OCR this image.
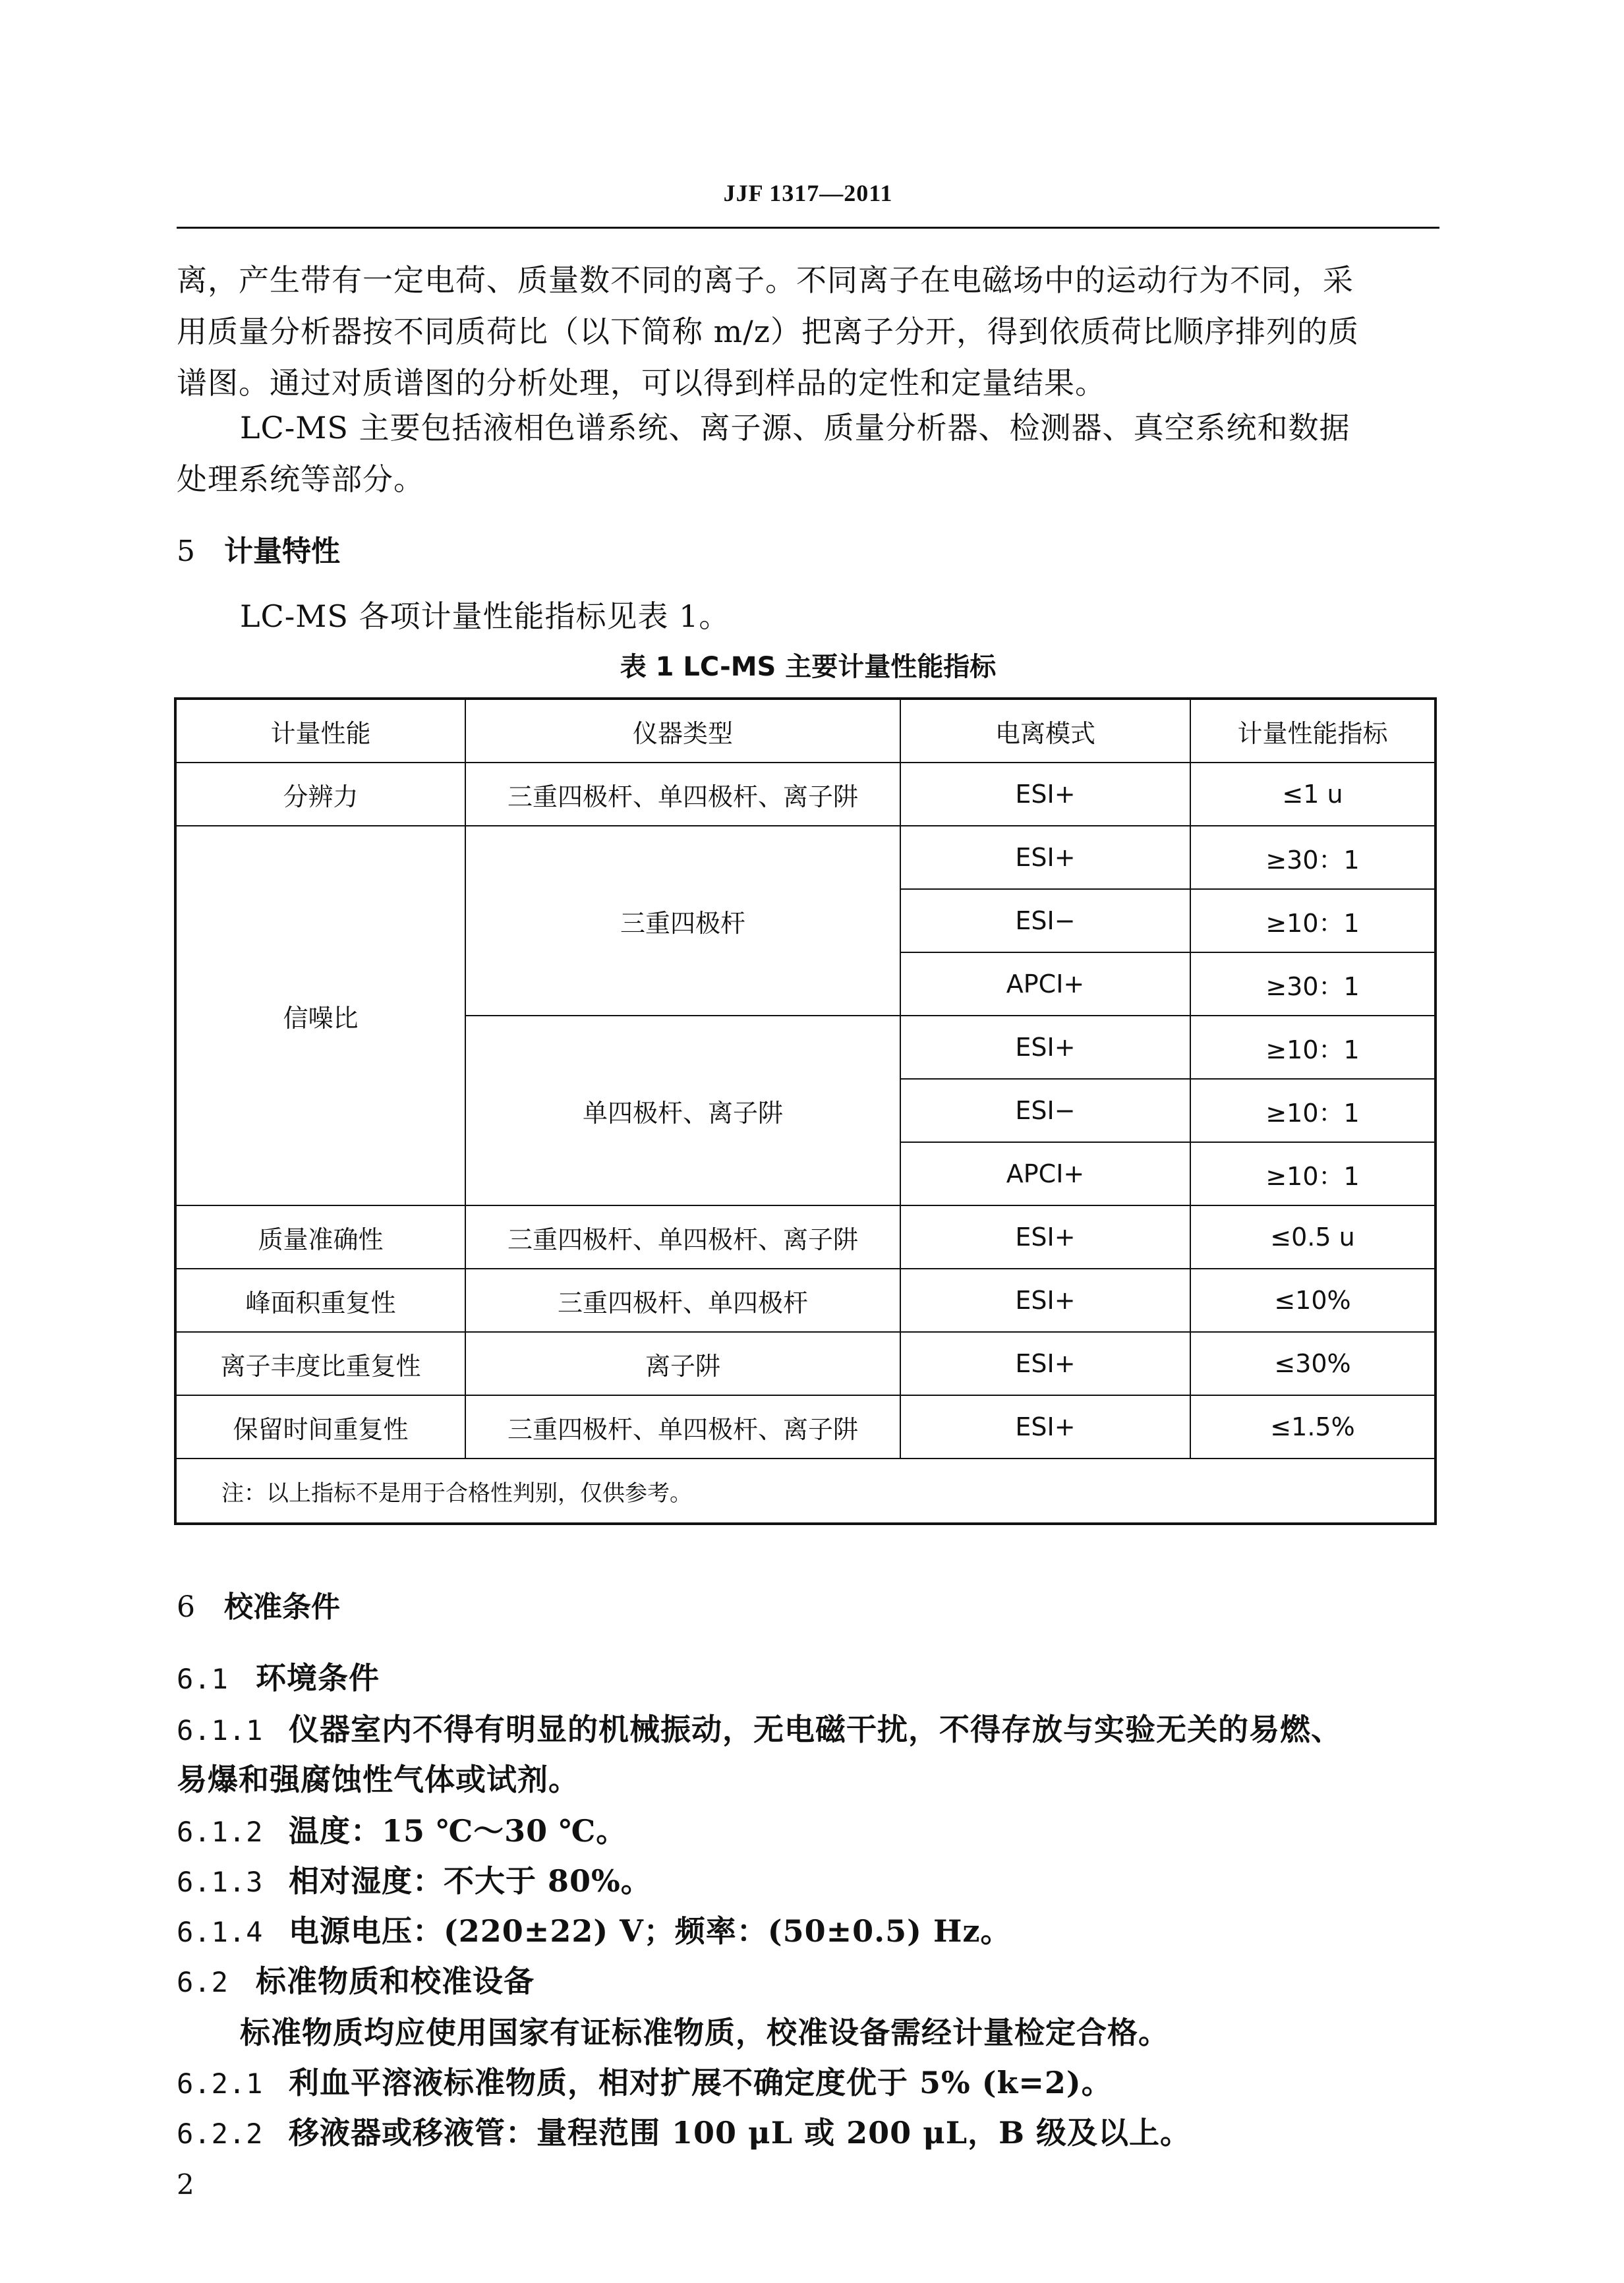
JJF 1317—2011
离，产生带有一定电荷、质量数不同的离子。不同离子在电磁场中的运动行为不同，采
用质量分析器按不同质荷比（以下简称 m/z）把离子分开，得到依质荷比顺序排列的质
谱图。通过对质谱图的分析处理，可以得到样品的定性和定量结果。
LC-MS 主要包括液相色谱系统、离子源、质量分析器、检测器、真空系统和数据
处理系统等部分。
5 计量特性
LC-MS 各项计量性能指标见表 1。
表 1 LC-MS 主要计量性能指标
计量性能	仪器类型	电离模式	计量性能指标
分辨力	三重四极杆、单四极杆、离子阱	ESI+	≤1 u
信噪比	三重四极杆	ESI+	≥30：1
		ESI−	≥10：1
		APCI+	≥30：1
	单四极杆、离子阱	ESI+	≥10：1
		ESI−	≥10：1
		APCI+	≥10：1
质量准确性	三重四极杆、单四极杆、离子阱	ESI+	≤0.5 u
峰面积重复性	三重四极杆、单四极杆	ESI+	≤10%
离子丰度比重复性	离子阱	ESI+	≤30%
保留时间重复性	三重四极杆、单四极杆、离子阱	ESI+	≤1.5%
注：以上指标不是用于合格性判别，仅供参考。			
6 校准条件
6.1 环境条件
6.1.1 仪器室内不得有明显的机械振动，无电磁干扰，不得存放与实验无关的易燃、
易爆和强腐蚀性气体或试剂。
6.1.2 温度：15 ℃～30 ℃。
6.1.3 相对湿度：不大于 80%。
6.1.4 电源电压：(220±22) V；频率：(50±0.5) Hz。
6.2 标准物质和校准设备
标准物质均应使用国家有证标准物质，校准设备需经计量检定合格。
6.2.1 利血平溶液标准物质，相对扩展不确定度优于 5% (k=2)。
6.2.2 移液器或移液管：量程范围 100 μL 或 200 μL，B 级及以上。
2
